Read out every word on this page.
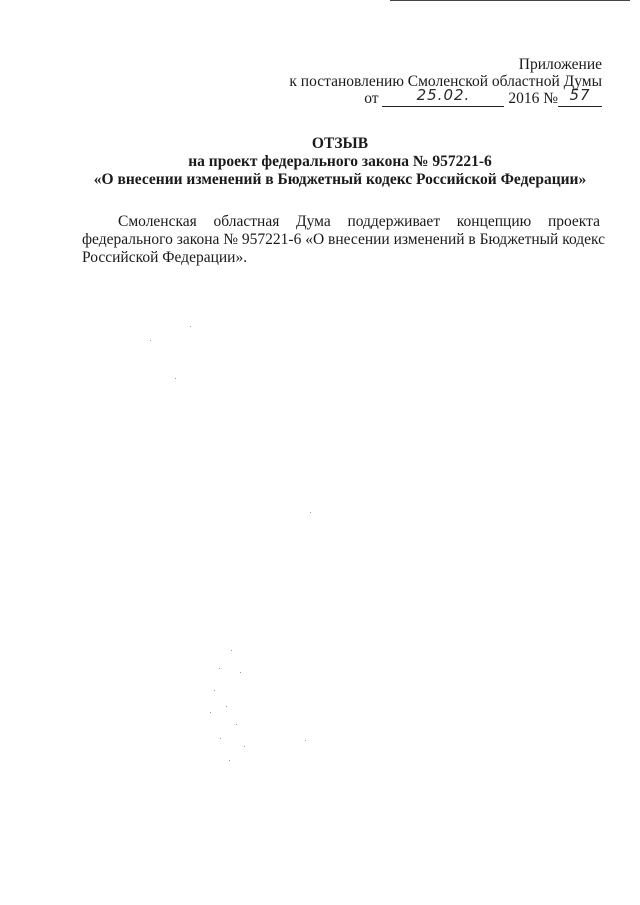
Приложение
к постановлению Смоленской областной Думы
от	25.02. 2016 № 57
ОТЗЫВ
на проект федерального закона № 957221-6
«О внесении изменений в Бюджетный кодекс Российской Федерации»
Смоленская областная Дума поддерживает концепцию проекта
федерального закона № 957221-6 «О внесении изменений в Бюджетный кодекс
Российской Федерации».
